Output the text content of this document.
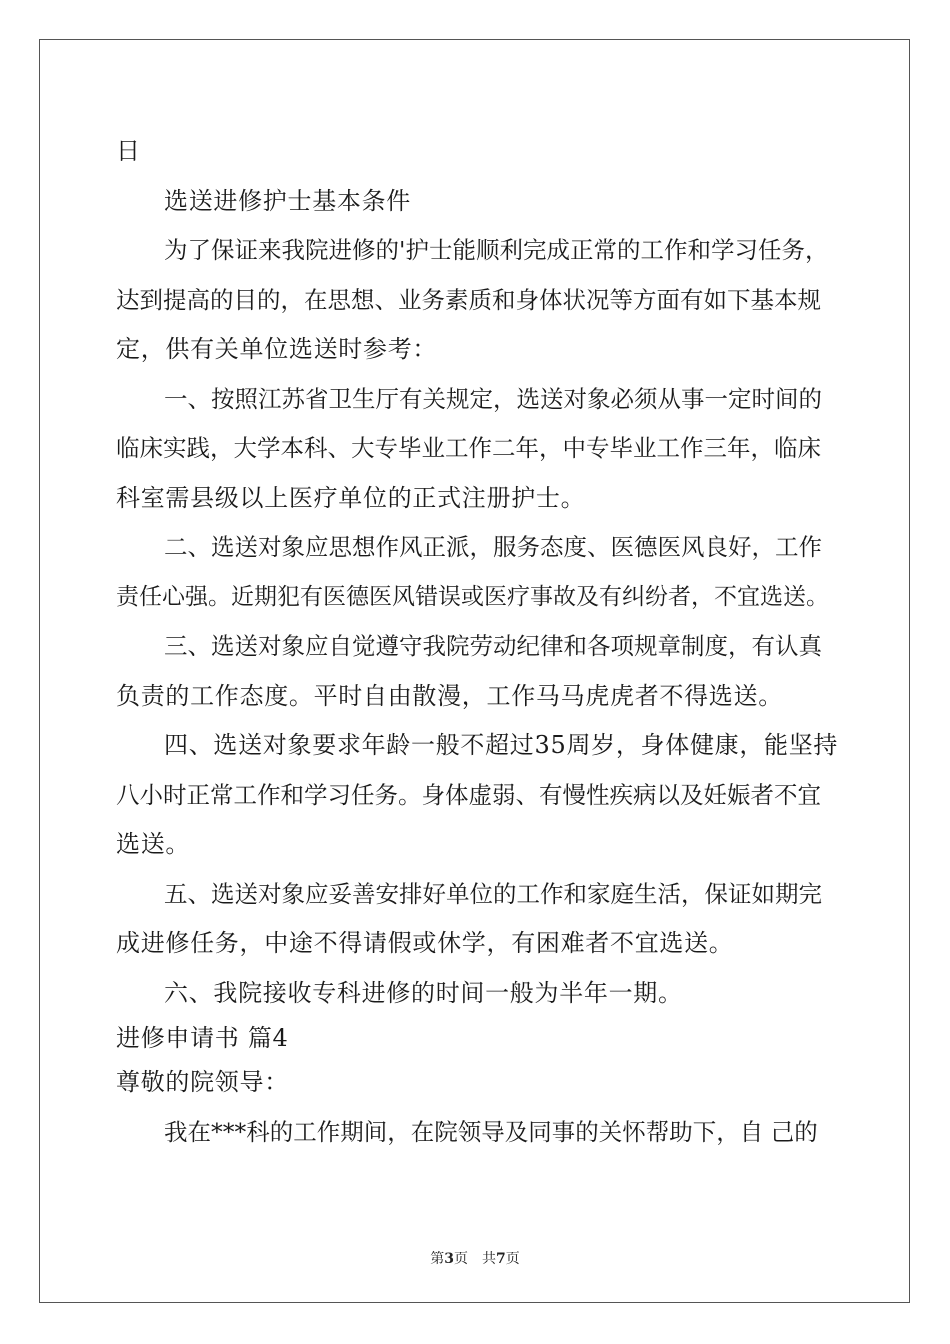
日
选送进修护士基本条件
为了保证来我院进修的'护士能顺利完成正常的工作和学习任务，
达到提高的目的，在思想、业务素质和身体状况等方面有如下基本规
定，供有关单位选送时参考：
一、按照江苏省卫生厅有关规定，选送对象必须从事一定时间的
临床实践，大学本科、大专毕业工作二年，中专毕业工作三年，临床
科室需县级以上医疗单位的正式注册护士。
二、选送对象应思想作风正派，服务态度、医德医风良好，工作
责任心强。近期犯有医德医风错误或医疗事故及有纠纷者，不宜选送。
三、选送对象应自觉遵守我院劳动纪律和各项规章制度，有认真
负责的工作态度。平时自由散漫，工作马马虎虎者不得选送。
四、选送对象要求年龄一般不超过35周岁，身体健康，能坚持
八小时正常工作和学习任务。身体虚弱、有慢性疾病以及妊娠者不宜
选送。
五、选送对象应妥善安排好单位的工作和家庭生活，保证如期完
成进修任务，中途不得请假或休学，有困难者不宜选送。
六、我院接收专科进修的时间一般为半年一期。
进修申请书 篇4
尊敬的院领导：
我在***科的工作期间，在院领导及同事的关怀帮助下，自 己的
第3页　共7页
